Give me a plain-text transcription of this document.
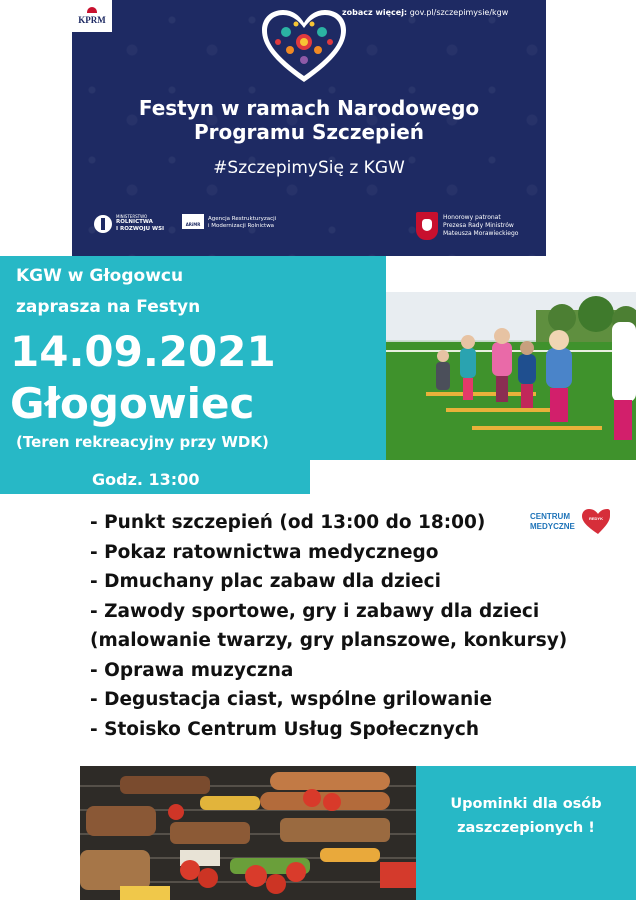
KPRM
zobacz więcej: gov.pl/szczepimysie/kgw
Festyn w ramach Narodowego
Programu Szczepień
#SzczepimySię z KGW
MINISTERSTWO
ROLNICTWA
I ROZWOJU WSI
ARiMR
Agencja Restrukturyzacji
i Modernizacji Rolnictwa
Honorowy patronat
Prezesa Rady Ministrów
Mateusza Morawieckiego
KGW w Głogowcu
zaprasza na Festyn
14.09.2021
Głogowiec
(Teren rekreacyjny przy WDK)
Godz. 13:00
- Punkt szczepień (od 13:00 do 18:00)
- Pokaz ratownictwa medycznego
- Dmuchany plac zabaw dla dzieci
- Zawody sportowe, gry i zabawy dla dzieci
(malowanie twarzy, gry planszowe, konkursy)
- Oprawa muzyczna
- Degustacja ciast, wspólne grilowanie
- Stoisko Centrum Usług Społecznych
CENTRUM
MEDYCZNE
REDYK
Upominki dla osób
zaszczepionych !
